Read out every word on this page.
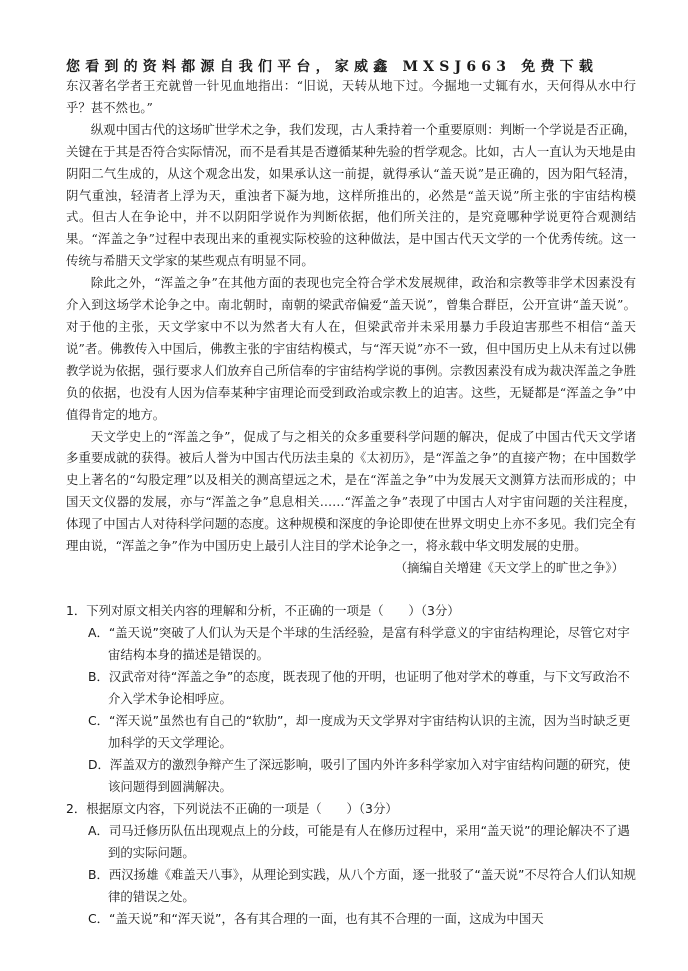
您看到的资料都源自我们平台，家威鑫 MXSJ663 免费下载

东汉著名学者王充就曾一针见血地指出：“旧说，天转从地下过。今掘地一丈辄有水，天何得从水中行乎？甚不然也。”

纵观中国古代的这场旷世学术之争，我们发现，古人秉持着一个重要原则：判断一个学说是否正确，关键在于其是否符合实际情况，而不是看其是否遵循某种先验的哲学观念。比如，古人一直认为天地是由阴阳二气生成的，从这个观念出发，如果承认这一前提，就得承认“盖天说”是正确的，因为阳气轻清，阴气重浊，轻清者上浮为天，重浊者下凝为地，这样所推出的，必然是“盖天说”所主张的宇宙结构模式。但古人在争论中，并不以阴阳学说作为判断依据，他们所关注的，是究竟哪种学说更符合观测结果。“浑盖之争”过程中表现出来的重视实际校验的这种做法，是中国古代天文学的一个优秀传统。这一传统与希腊天文学家的某些观点有明显不同。

除此之外，“浑盖之争”在其他方面的表现也完全符合学术发展规律，政治和宗教等非学术因素没有介入到这场学术论争之中。南北朝时，南朝的梁武帝偏爱“盖天说”，曾集合群臣，公开宣讲“盖天说”。对于他的主张，天文学家中不以为然者大有人在，但梁武帝并未采用暴力手段迫害那些不相信“盖天说”者。佛教传入中国后，佛教主张的宇宙结构模式，与“浑天说”亦不一致，但中国历史上从未有过以佛教学说为依据，强行要求人们放弃自己所信奉的宇宙结构学说的事例。宗教因素没有成为裁决浑盖之争胜负的依据，也没有人因为信奉某种宇宙理论而受到政治或宗教上的迫害。这些，无疑都是“浑盖之争”中值得肯定的地方。

天文学史上的“浑盖之争”，促成了与之相关的众多重要科学问题的解决，促成了中国古代天文学诸多重要成就的获得。被后人誉为中国古代历法圭臬的《太初历》，是“浑盖之争”的直接产物；在中国数学史上著名的“勾股定理”以及相关的测高望远之术，是在“浑盖之争”中为发展天文测算方法而形成的；中国天文仪器的发展，亦与“浑盖之争”息息相关……“浑盖之争”表现了中国古人对宇宙问题的关注程度，体现了中国古人对待科学问题的态度。这种规模和深度的争论即使在世界文明史上亦不多见。我们完全有理由说，“浑盖之争”作为中国历史上最引人注目的学术论争之一，将永载中华文明发展的史册。

（摘编自关增建《天文学上的旷世之争》）

1．下列对原文相关内容的理解和分析，不正确的一项是（　　）（3分）

A．“盖天说”突破了人们认为天是个半球的生活经验，是富有科学意义的宇宙结构理论，尽管它对宇宙结构本身的描述是错误的。

B．汉武帝对待“浑盖之争”的态度，既表现了他的开明，也证明了他对学术的尊重，与下文写政治不介入学术争论相呼应。

C．“浑天说”虽然也有自己的“软肋”，却一度成为天文学界对宇宙结构认识的主流，因为当时缺乏更加科学的天文学理论。

D．浑盖双方的激烈争辩产生了深远影响，吸引了国内外许多科学家加入对宇宙结构问题的研究，使该问题得到圆满解决。

2．根据原文内容，下列说法不正确的一项是（　　）（3分）

A．司马迁修历队伍出现观点上的分歧，可能是有人在修历过程中，采用“盖天说”的理论解决不了遇到的实际问题。

B．西汉扬雄《难盖天八事》，从理论到实践，从八个方面，逐一批驳了“盖天说”不尽符合人们认知规律的错误之处。

C．“盖天说”和“浑天说”，各有其合理的一面，也有其不合理的一面，这成为中国天
